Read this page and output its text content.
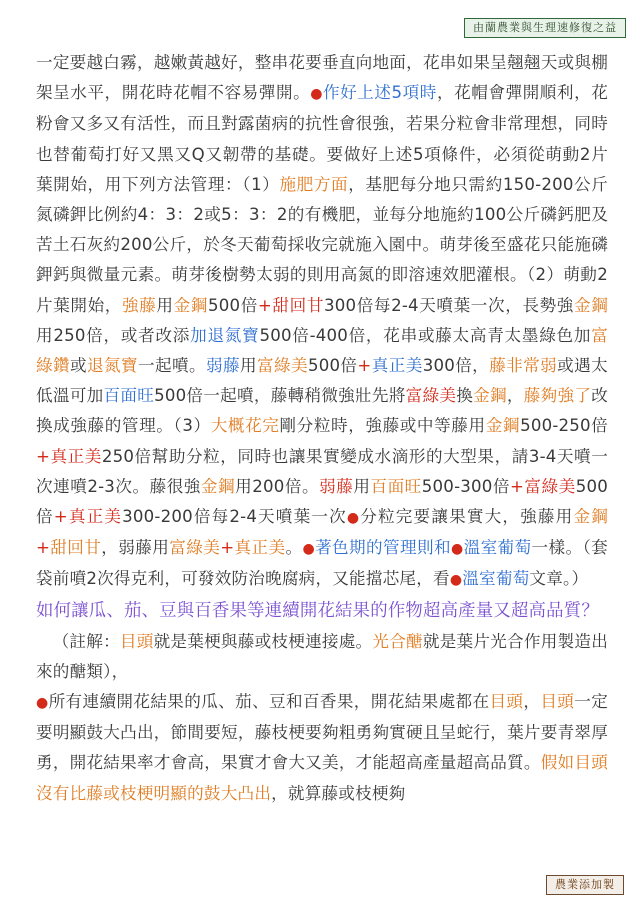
由蘭農業與生理速修復之益

一定要越白霧，越嫩黃越好，整串花要垂直向地面，花串如果呈翹翹天或與棚架呈水平，開花時花帽不容易彈開。●作好上述5項時，花帽會彈開順利，花粉會又多又有活性，而且對露菌病的抗性會很強，若果分粒會非常理想，同時也替葡萄打好又黑又Q又韌帶的基礎。要做好上述5項條件，必須從萌動2片葉開始，用下列方法管理：（1）施肥方面，基肥每分地只需約150-200公斤氮磷鉀比例約4：3：2或5：3：2的有機肥，並每分地施約100公斤磷鈣肥及苦土石灰約200公斤，於冬天葡萄採收完就施入園中。萌芽後至盛花只能施磷鉀鈣與微量元素。萌芽後樹勢太弱的則用高氮的即溶速效肥灌根。（2）萌動2片葉開始，強藤用金鋼500倍+甜回甘300倍每2-4天噴葉一次，長勢強金鋼用250倍，或者改添加退氮寶500倍-400倍，花串或藤太高青太墨綠色加富綠鑽或退氮寶一起噴。弱藤用富綠美500倍+真正美300倍，藤非常弱或遇太低溫可加百面旺500倍一起噴，藤轉稍微強壯先將富綠美換金鋼，藤夠強了改換成強藤的管理。（3）大概花完剛分粒時，強藤或中等藤用金鋼500-250倍+真正美250倍幫助分粒，同時也讓果實變成水滴形的大型果，請3-4天噴一次連噴2-3次。藤很強金鋼用200倍。弱藤用百面旺500-300倍+富綠美500倍+真正美300-200倍每2-4天噴葉一次●分粒完要讓果實大，強藤用金鋼+甜回甘，弱藤用富綠美+真正美。●著色期的管理則和●溫室葡萄一樣。（套袋前噴2次得克利，可發效防治晚腐病，又能擋芯尾，看●溫室葡萄文章。）

如何讓瓜、茄、豆與百香果等連續開花結果的作物超高產量又超高品質？

（註解：目頭就是葉梗與藤或枝梗連接處。光合醣就是葉片光合作用製造出來的醣類），

●所有連續開花結果的瓜、茄、豆和百香果，開花結果處都在目頭，目頭一定要明顯鼓大凸出，節間要短，藤枝梗要夠粗勇夠實硬且呈蛇行，葉片要青翠厚勇，開花結果率才會高，果實才會大又美，才能超高產量超高品質。假如目頭沒有比藤或枝梗明顯的鼓大凸出，就算藤或枝梗夠

農業添加製
